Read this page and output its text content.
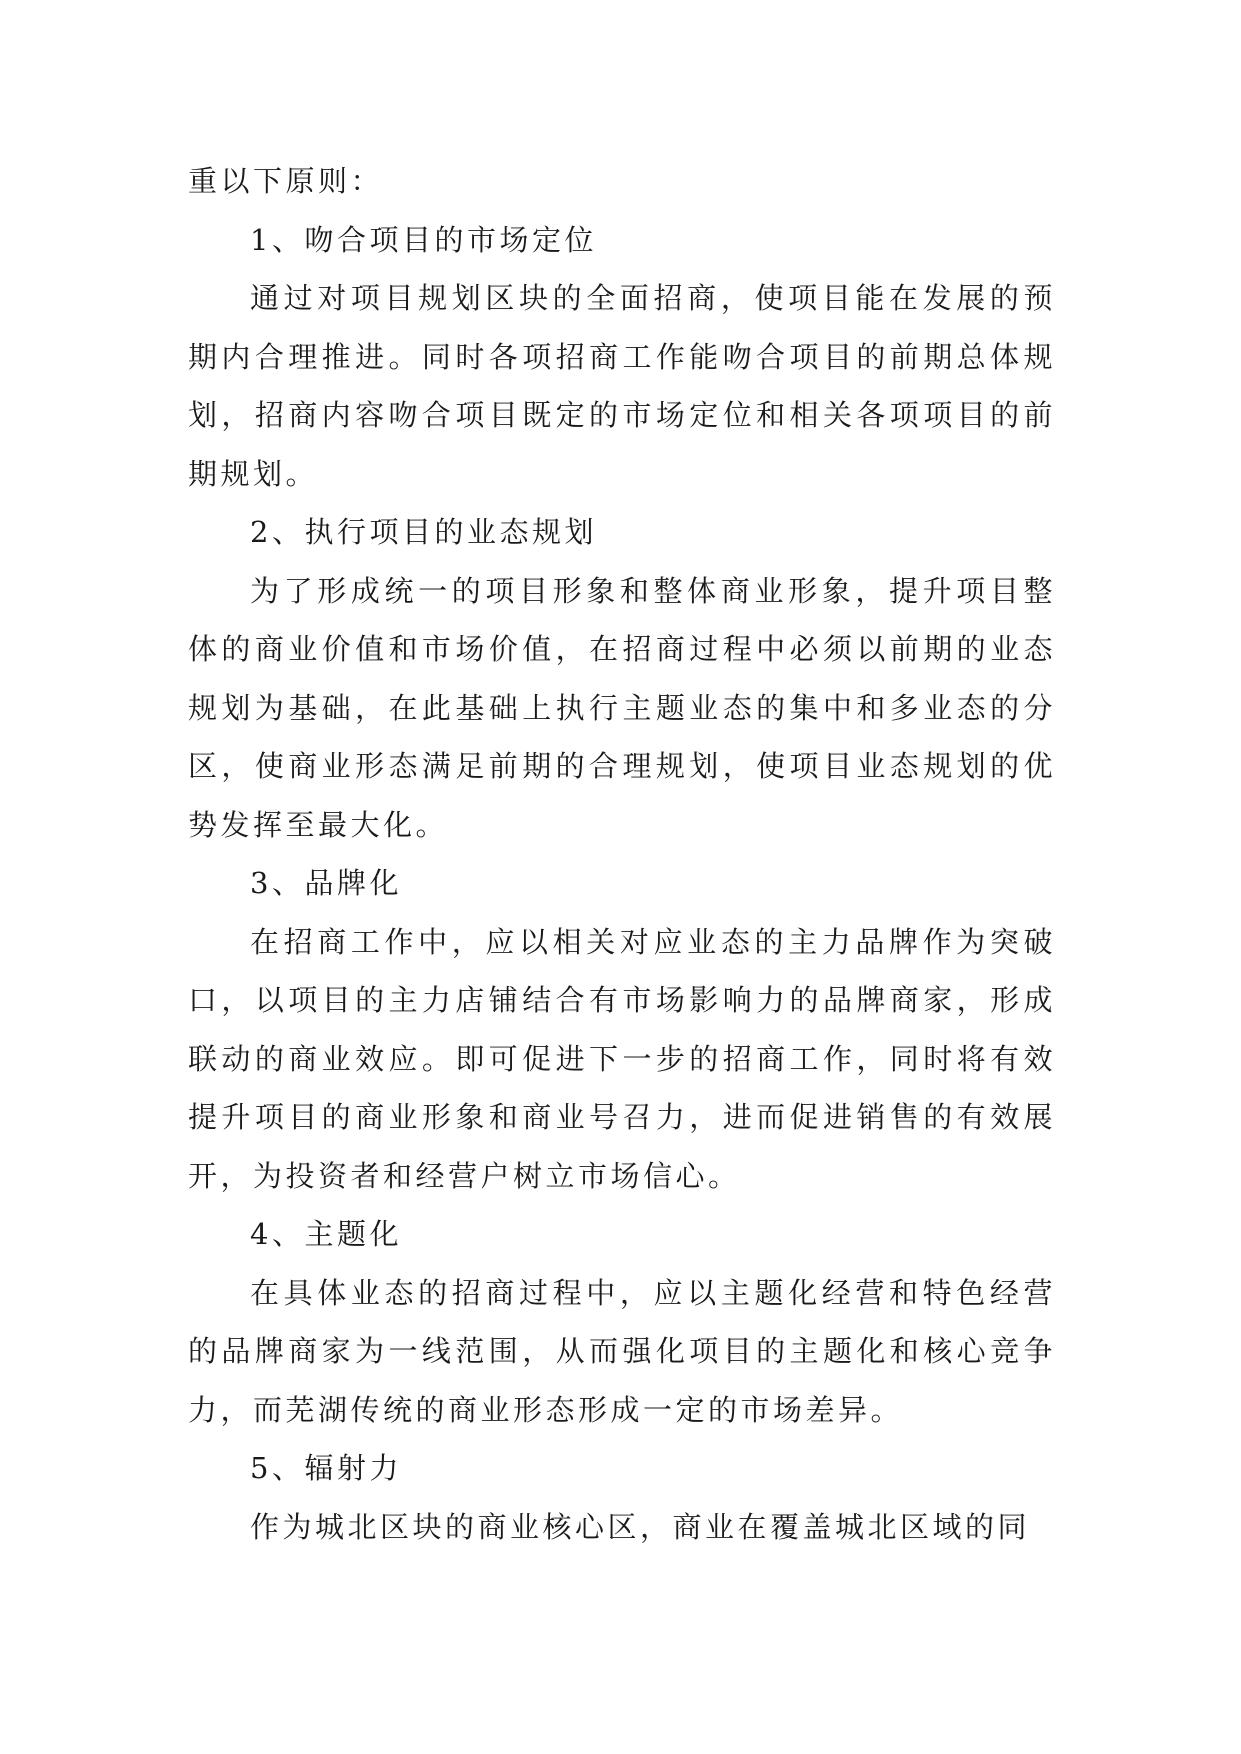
重以下原则：

1、吻合项目的市场定位

通过对项目规划区块的全面招商，使项目能在发展的预期内合理推进。同时各项招商工作能吻合项目的前期总体规划，招商内容吻合项目既定的市场定位和相关各项项目的前期规划。

2、执行项目的业态规划

为了形成统一的项目形象和整体商业形象，提升项目整体的商业价值和市场价值，在招商过程中必须以前期的业态规划为基础，在此基础上执行主题业态的集中和多业态的分区，使商业形态满足前期的合理规划，使项目业态规划的优势发挥至最大化。

3、品牌化

在招商工作中，应以相关对应业态的主力品牌作为突破口，以项目的主力店铺结合有市场影响力的品牌商家，形成联动的商业效应。即可促进下一步的招商工作，同时将有效提升项目的商业形象和商业号召力，进而促进销售的有效展开，为投资者和经营户树立市场信心。

4、主题化

在具体业态的招商过程中，应以主题化经营和特色经营的品牌商家为一线范围，从而强化项目的主题化和核心竞争力，而芜湖传统的商业形态形成一定的市场差异。

5、辐射力

作为城北区块的商业核心区，商业在覆盖城北区域的同
